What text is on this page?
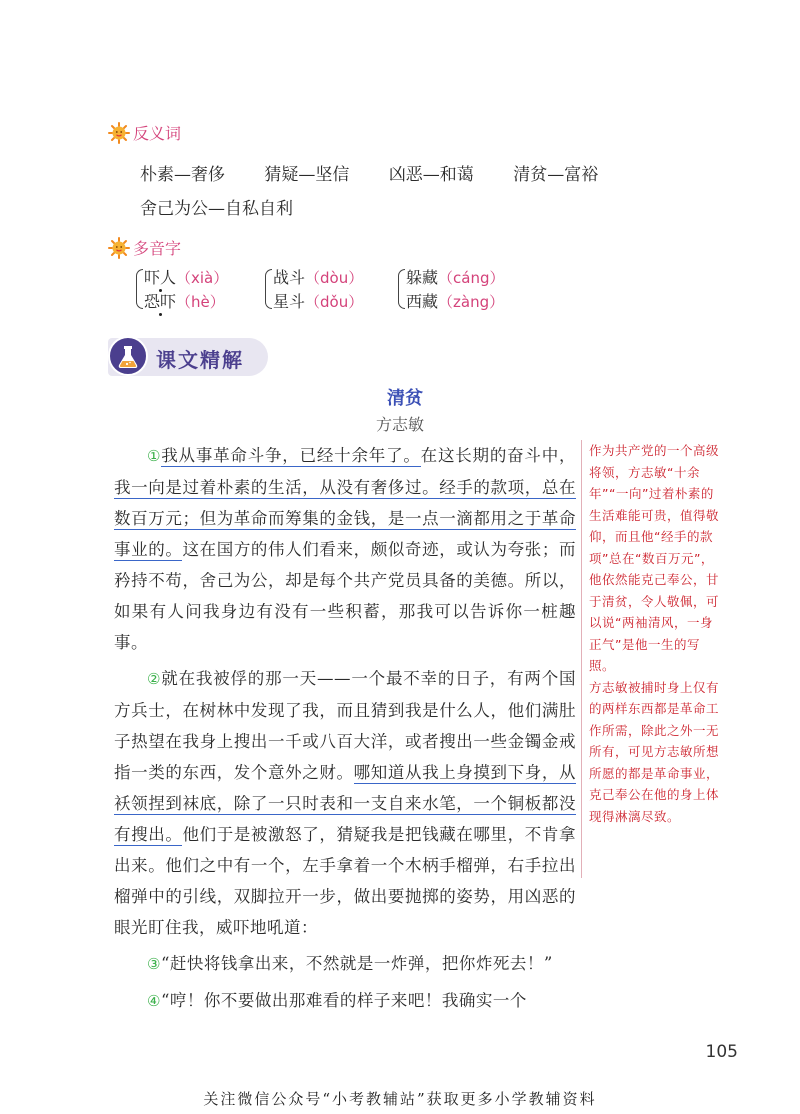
反义词
朴素—奢侈 猜疑—坚信 凶恶—和蔼 清贫—富裕
舍己为公—自私自利
多音字
吓人（xià）
恐吓（hè）
战斗（dòu）
星斗（dǒu）
躲藏（cáng）
西藏（zàng）
课文精解
清贫
方志敏

①我从事革命斗争，已经十余年了。在这长期的奋斗中，我一向是过着朴素的生活，从没有奢侈过。经手的款项，总在数百万元；但为革命而筹集的金钱，是一点一滴都用之于革命事业的。这在国方的伟人们看来，颇似奇迹，或认为夸张；而矜持不苟，舍己为公，却是每个共产党员具备的美德。所以，如果有人问我身边有没有一些积蓄，那我可以告诉你一桩趣事。

②就在我被俘的那一天——一个最不幸的日子，有两个国方兵士，在树林中发现了我，而且猜到我是什么人，他们满肚子热望在我身上搜出一千或八百大洋，或者搜出一些金镯金戒指一类的东西，发个意外之财。哪知道从我上身摸到下身，从袄领捏到袜底，除了一只时表和一支自来水笔，一个铜板都没有搜出。他们于是被激怒了，猜疑我是把钱藏在哪里，不肯拿出来。他们之中有一个，左手拿着一个木柄手榴弹，右手拉出榴弹中的引线，双脚拉开一步，做出要抛掷的姿势，用凶恶的眼光盯住我，威吓地吼道：

③“赶快将钱拿出来，不然就是一炸弹，把你炸死去！”

④“哼！你不要做出那难看的样子来吧！我确实一个

作为共产党的一个高级将领，方志敏“十余年”“一向”过着朴素的生活难能可贵，值得敬仰，而且他“经手的款项”总在“数百万元”，他依然能克己奉公，甘于清贫，令人敬佩，可以说“两袖清风，一身正气”是他一生的写照。

方志敏被捕时身上仅有的两样东西都是革命工作所需，除此之外一无所有，可见方志敏所想所愿的都是革命事业，克己奉公在他的身上体现得淋漓尽致。

105
关注微信公众号“小考教辅站”获取更多小学教辅资料
